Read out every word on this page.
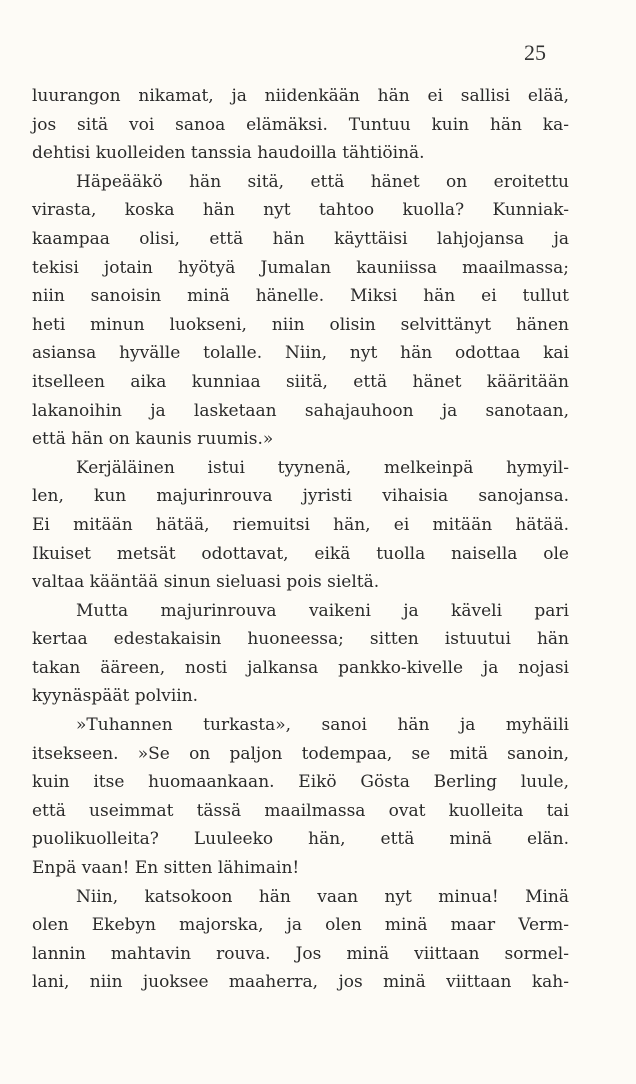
25
luurangon nikamat, ja niidenkään hän ei sallisi elää,
jos sitä voi sanoa elämäksi. Tuntuu kuin hän ka-
dehtisi kuolleiden tanssia haudoilla tähtiöinä.
Häpeääkö hän sitä, että hänet on eroitettu
virasta, koska hän nyt tahtoo kuolla? Kunniak-
kaampaa olisi, että hän käyttäisi lahjojansa ja
tekisi jotain hyötyä Jumalan kauniissa maailmassa;
niin sanoisin minä hänelle. Miksi hän ei tullut
heti minun luokseni, niin olisin selvittänyt hänen
asiansa hyvälle tolalle. Niin, nyt hän odottaa kai
itselleen aika kunniaa siitä, että hänet kääritään
lakanoihin ja lasketaan sahajauhoon ja sanotaan,
että hän on kaunis ruumis.»
Kerjäläinen istui tyynenä, melkeinpä hymyil-
len, kun majurinrouva jyristi vihaisia sanojansa.
Ei mitään hätää, riemuitsi hän, ei mitään hätää.
Ikuiset metsät odottavat, eikä tuolla naisella ole
valtaa kääntää sinun sieluasi pois sieltä.
Mutta majurinrouva vaikeni ja käveli pari
kertaa edestakaisin huoneessa; sitten istuutui hän
takan ääreen, nosti jalkansa pankko-kivelle ja nojasi
kyynäspäät polviin.
»Tuhannen turkasta», sanoi hän ja myhäili
itsekseen. »Se on paljon todempaa, se mitä sanoin,
kuin itse huomaankaan. Eikö Gösta Berling luule,
että useimmat tässä maailmassa ovat kuolleita tai
puolikuolleita? Luuleeko hän, että minä elän.
Enpä vaan! En sitten lähimain!
Niin, katsokoon hän vaan nyt minua! Minä
olen Ekebyn majorska, ja olen minä maar Verm-
lannin mahtavin rouva. Jos minä viittaan sormel-
lani, niin juoksee maaherra, jos minä viittaan kah-
